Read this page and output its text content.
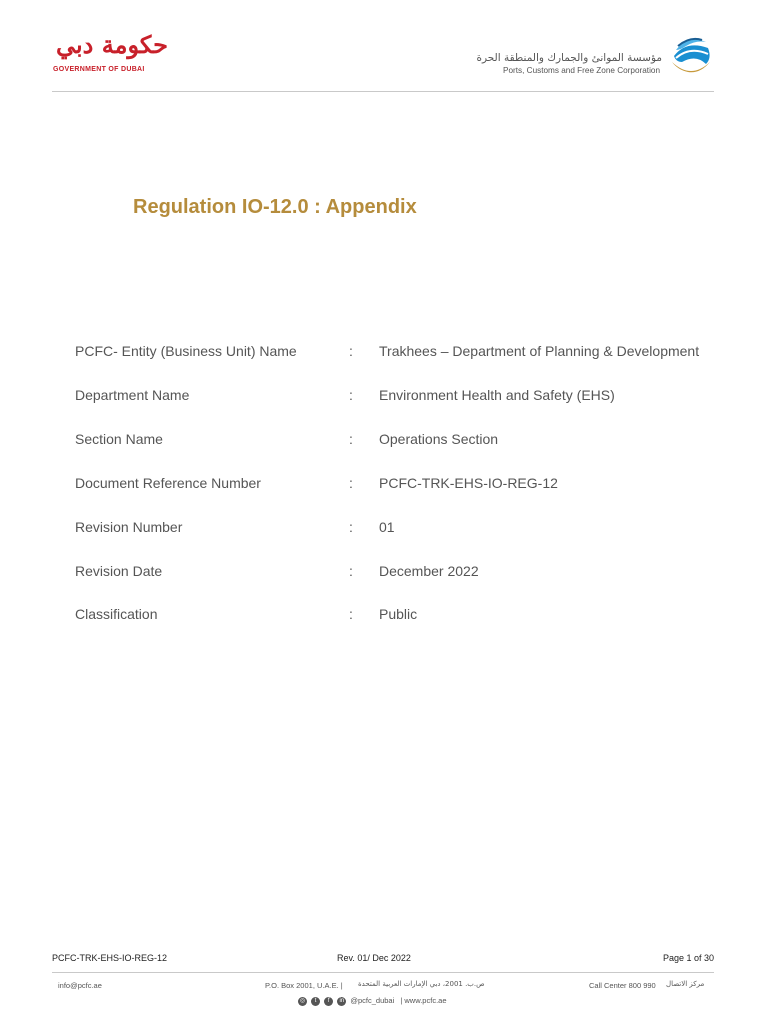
حكومة دبي
GOVERNMENT OF DUBAI
مؤسسة الموانئ والجمارك والمنطقة الحرة
Ports, Customs and Free Zone Corporation
Regulation IO-12.0 : Appendix
PCFC- Entity (Business Unit) Name	: Trakhees – Department of Planning & Development
Department Name	: Environment Health and Safety (EHS)
Section Name	: Operations Section
Document Reference Number	: PCFC-TRK-EHS-IO-REG-12
Revision Number	: 01
Revision Date	: December 2022
Classification	: Public
PCFC-TRK-EHS-IO-REG-12	Rev. 01/ Dec 2022	Page 1 of 30
info@pcfc.ae	P.O. Box 2001, U.A.E. | ص.ب. 2001، دبي الإمارات العربية المتحدة	Call Center 800 990 مركز الاتصال
◎ t f in @pcfc_dubai | www.pcfc.ae
